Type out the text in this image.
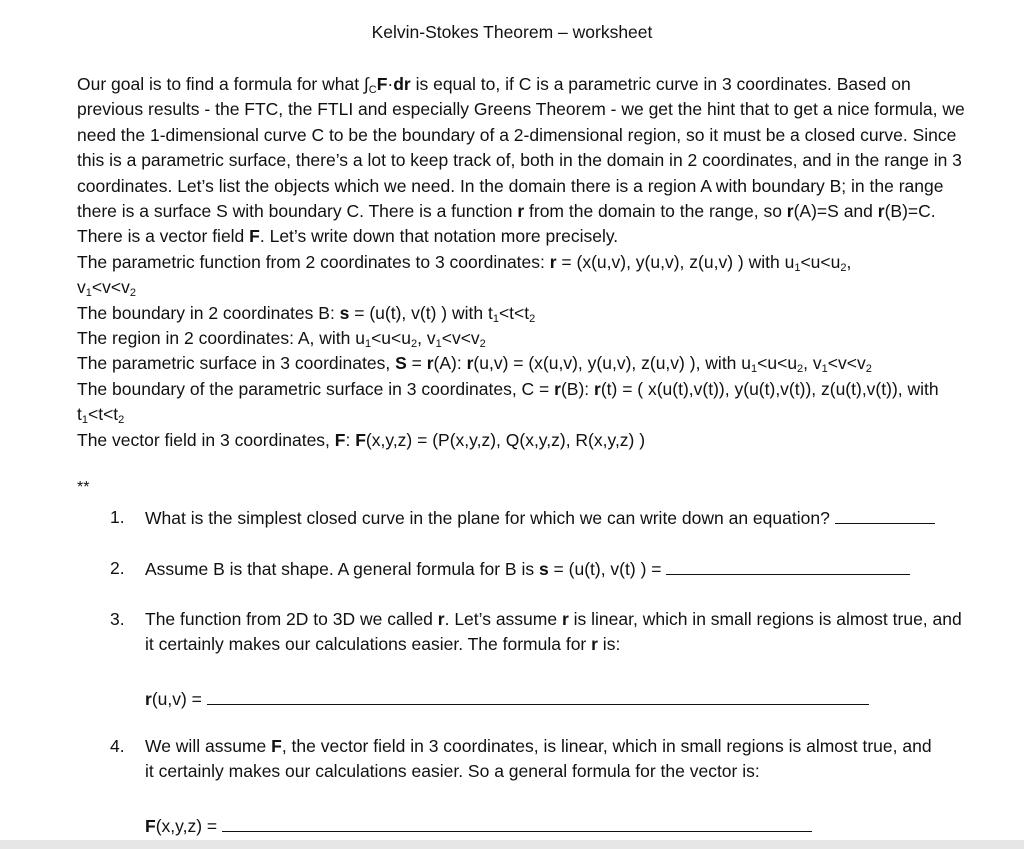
Kelvin-Stokes Theorem – worksheet

Our goal is to find a formula for what $\int_CF\cdot dr$ is equal to, if C is a parametric curve in 3 coordinates. Based on previous results - the FTC, the FTLI and especially Greens Theorem - we get the hint that to get a nice formula, we need the 1-dimensional curve C to be the boundary of a 2-dimensional region, so it must be a closed curve. Since this is a parametric surface, there’s a lot to keep track of, both in the domain in 2 coordinates, and in the range in 3 coordinates. Let’s list the objects which we need. In the domain there is a region A with boundary B; in the range there is a surface S with boundary C. There is a function r from the domain to the range, so r(A)=S and r(B)=C. There is a vector field F. Let’s write down that notation more precisely.

The parametric function from 2 coordinates to 3 coordinates: r = (x(u,v), y(u,v), z(u,v) ) with $u_1<u<u_2$,
$v_1<v<v_2$

The boundary in 2 coordinates B: s = (u(t), v(t) ) with $t_1<t<t_2$

The region in 2 coordinates: A, with $u_1<u<u_2$, $v_1<v<v_2$

The parametric surface in 3 coordinates, S = r(A): r(u,v) = (x(u,v), y(u,v), z(u,v) ), with $u_1<u<u_2$, $v_1<v<v_2$

The boundary of the parametric surface in 3 coordinates, C = r(B): r(t) = ( x(u(t),v(t)), y(u(t),v(t)), z(u(t),v(t)), with $t_1<t<t_2$

The vector field in 3 coordinates, F: F(x,y,z) = (P(x,y,z), Q(x,y,z), R(x,y,z) )

**
1.	What is the simplest closed curve in the plane for which we can write down an equation?
2.	Assume B is that shape. A general formula for B is s = (u(t), v(t) ) =
3.	The function from 2D to 3D we called r. Let’s assume r is linear, which in small regions is almost true, and it certainly makes our calculations easier. The formula for r is:
r(u,v) =
4.	We will assume F, the vector field in 3 coordinates, is linear, which in small regions is almost true, and it certainly makes our calculations easier. So a general formula for the vector is:
F(x,y,z) =
